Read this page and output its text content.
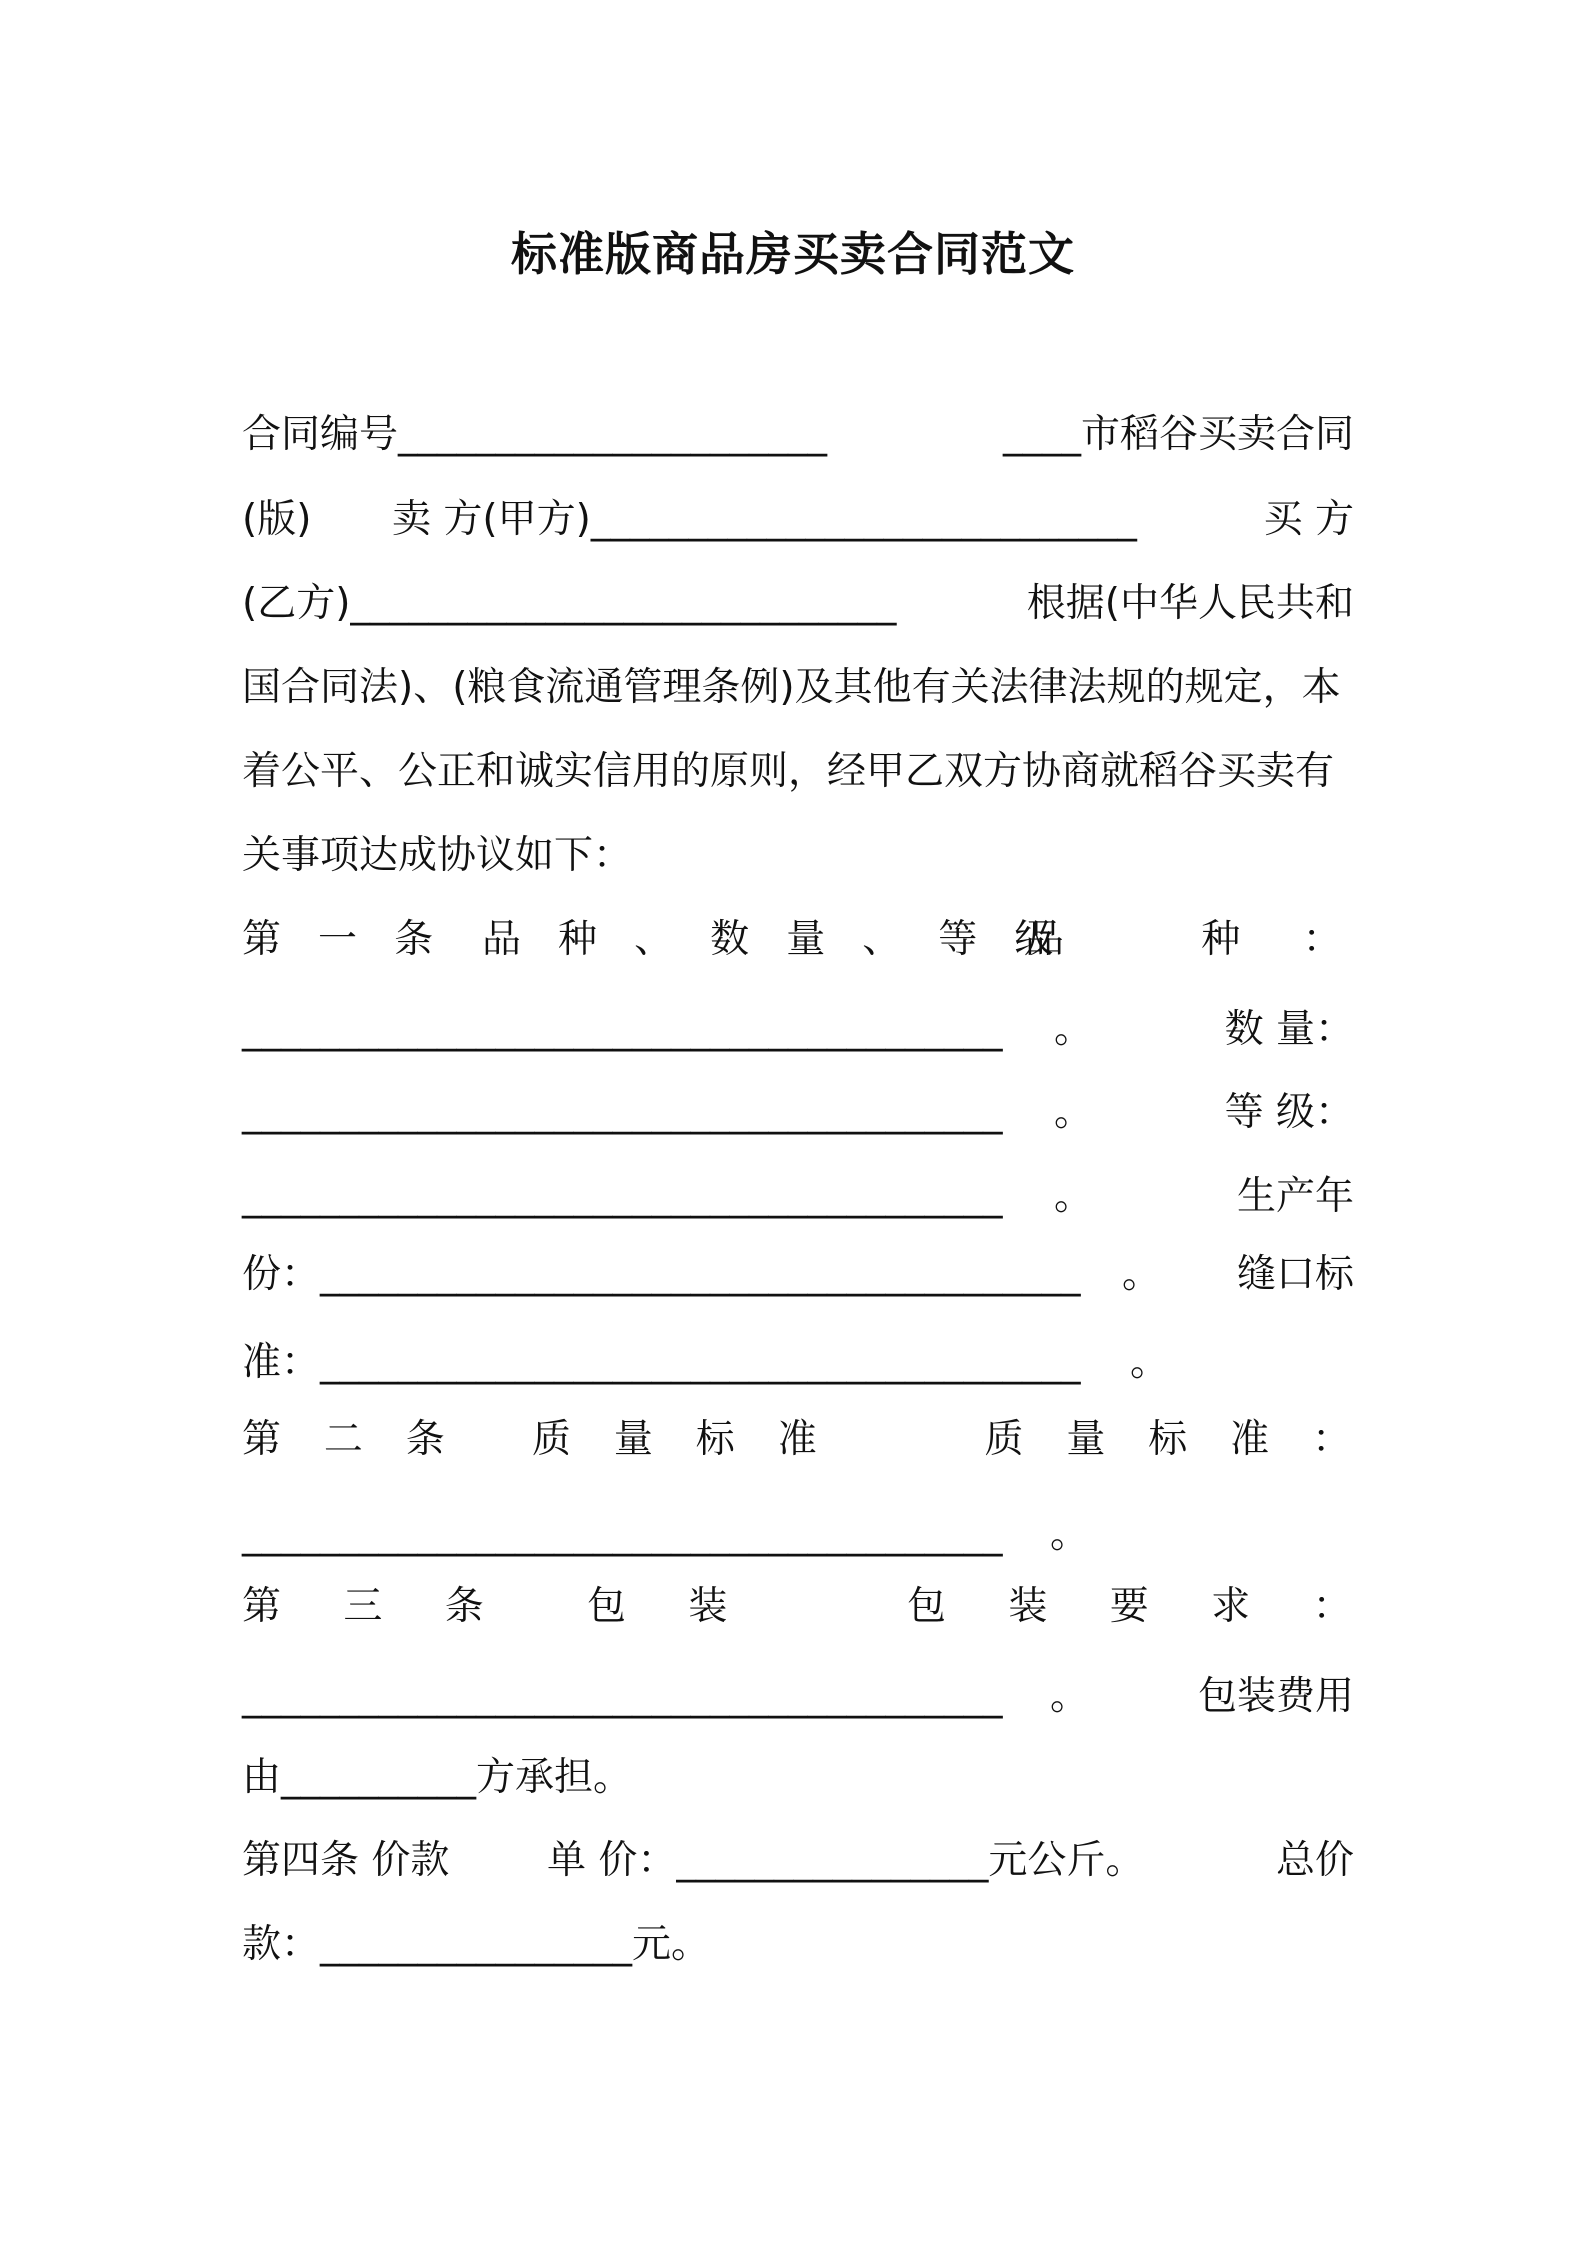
标准版商品房买卖合同范文
合同编号______________________	____市稻谷买卖合同
(版) 卖 方(甲方)____________________________	买 方
(乙方)____________________________	根据(中华人民共和
国合同法)、(粮食流通管理条例)及其他有关法律法规的规定，本
着公平、公正和诚实信用的原则，经甲乙双方协商就稻谷买卖有
关事项达成协议如下：
第一条 品种、数量、等级
品 种：
_______________________________________ 。	数 量：
_______________________________________ 。	等 级：
_______________________________________ 。	生产年
份：_______________________________________ 。 缝口标
准：_______________________________________ 。
第二条 质量标准	质量标准：
_______________________________________ 。
第三条 包装	包装要求：
_______________________________________ 。	包装费用
由__________方承担。
第四条 价款	单 价：________________元公斤。	总价
款：________________元。
